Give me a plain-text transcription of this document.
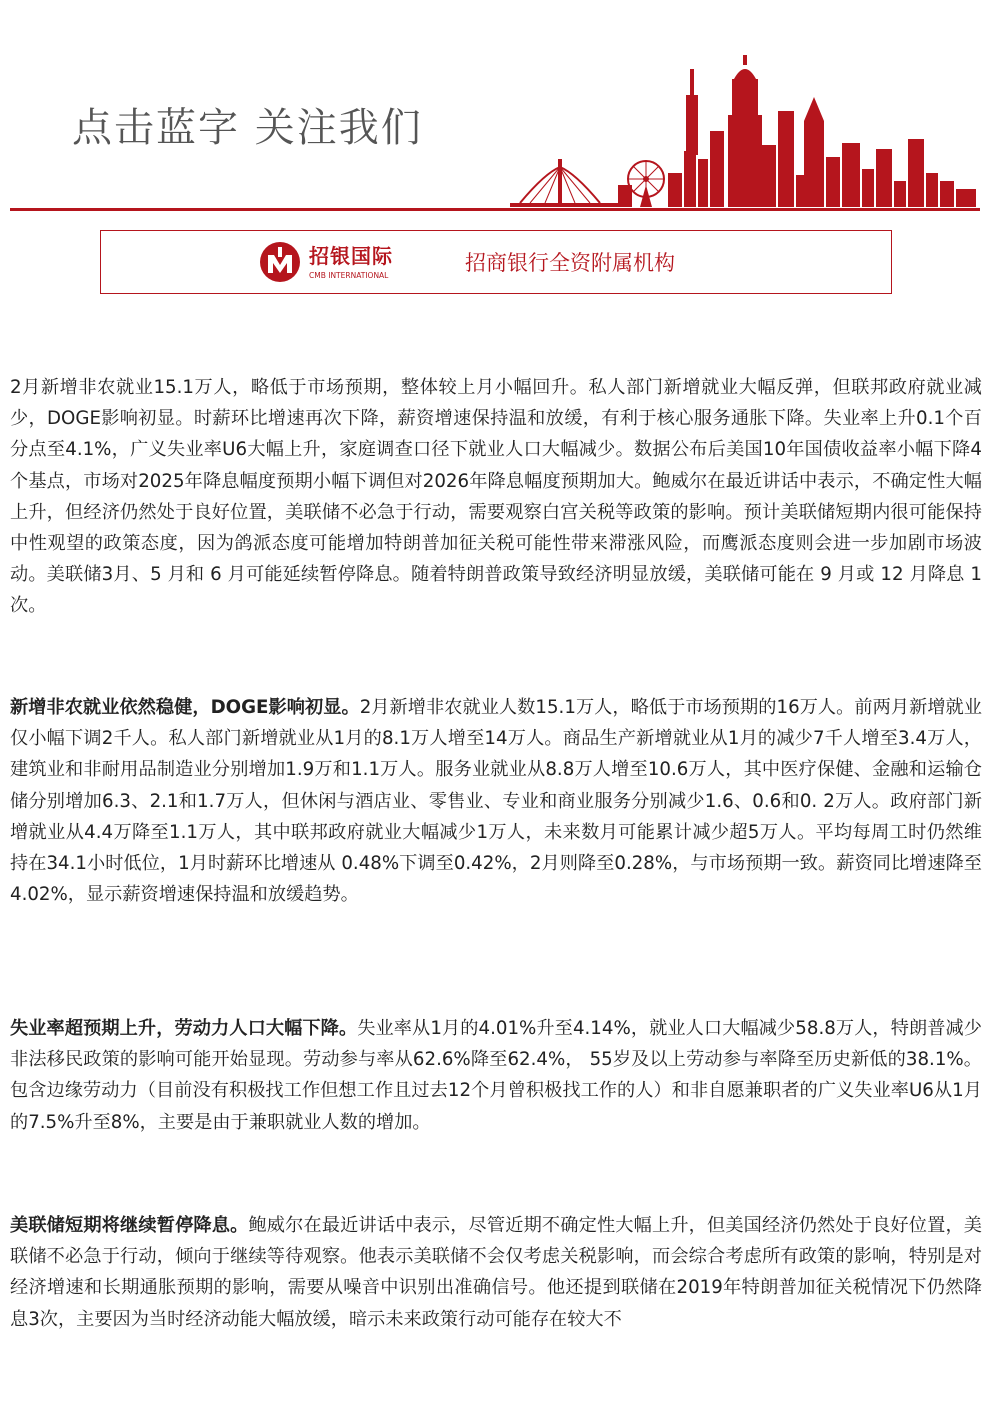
点击蓝字 关注我们
招银国际
CMB INTERNATIONAL
招商银行全资附属机构

2月新增非农就业15.1万人，略低于市场预期，整体较上月小幅回升。私人部门新增就业大幅反弹，但联邦政府就业减少，DOGE影响初显。时薪环比增速再次下降，薪资增速保持温和放缓，有利于核心服务通胀下降。失业率上升0.1个百分点至4.1%，广义失业率U6大幅上升，家庭调查口径下就业人口大幅减少。数据公布后美国10年国债收益率小幅下降4个基点，市场对2025年降息幅度预期小幅下调但对2026年降息幅度预期加大。鲍威尔在最近讲话中表示，不确定性大幅上升，但经济仍然处于良好位置，美联储不必急于行动，需要观察白宫关税等政策的影响。预计美联储短期内很可能保持中性观望的政策态度，因为鸽派态度可能增加特朗普加征关税可能性带来滞涨风险，而鹰派态度则会进一步加剧市场波动。美联储3月、5 月和 6 月可能延续暂停降息。随着特朗普政策导致经济明显放缓，美联储可能在 9 月或 12 月降息 1 次。

新增非农就业依然稳健，DOGE影响初显。2月新增非农就业人数15.1万人，略低于市场预期的16万人。前两月新增就业仅小幅下调2千人。私人部门新增就业从1月的8.1万人增至14万人。商品生产新增就业从1月的减少7千人增至3.4万人，建筑业和非耐用品制造业分别增加1.9万和1.1万人。服务业就业从8.8万人增至10.6万人，其中医疗保健、金融和运输仓储分别增加6.3、2.1和1.7万人，但休闲与酒店业、零售业、专业和商业服务分别减少1.6、0.6和0. 2万人。政府部门新增就业从4.4万降至1.1万人，其中联邦政府就业大幅减少1万人，未来数月可能累计减少超5万人。平均每周工时仍然维持在34.1小时低位，1月时薪环比增速从 0.48%下调至0.42%，2月则降至0.28%，与市场预期一致。薪资同比增速降至4.02%，显示薪资增速保持温和放缓趋势。

失业率超预期上升，劳动力人口大幅下降。失业率从1月的4.01%升至4.14%，就业人口大幅减少58.8万人，特朗普减少非法移民政策的影响可能开始显现。劳动参与率从62.6%降至62.4%， 55岁及以上劳动参与率降至历史新低的38.1%。包含边缘劳动力（目前没有积极找工作但想工作且过去12个月曾积极找工作的人）和非自愿兼职者的广义失业率U6从1月的7.5%升至8%，主要是由于兼职就业人数的增加。

美联储短期将继续暂停降息。鲍威尔在最近讲话中表示，尽管近期不确定性大幅上升，但美国经济仍然处于良好位置，美联储不必急于行动，倾向于继续等待观察。他表示美联储不会仅考虑关税影响，而会综合考虑所有政策的影响，特别是对经济增速和长期通胀预期的影响，需要从噪音中识别出准确信号。他还提到联储在2019年特朗普加征关税情况下仍然降息3次，主要因为当时经济动能大幅放缓，暗示未来政策行动可能存在较大不
